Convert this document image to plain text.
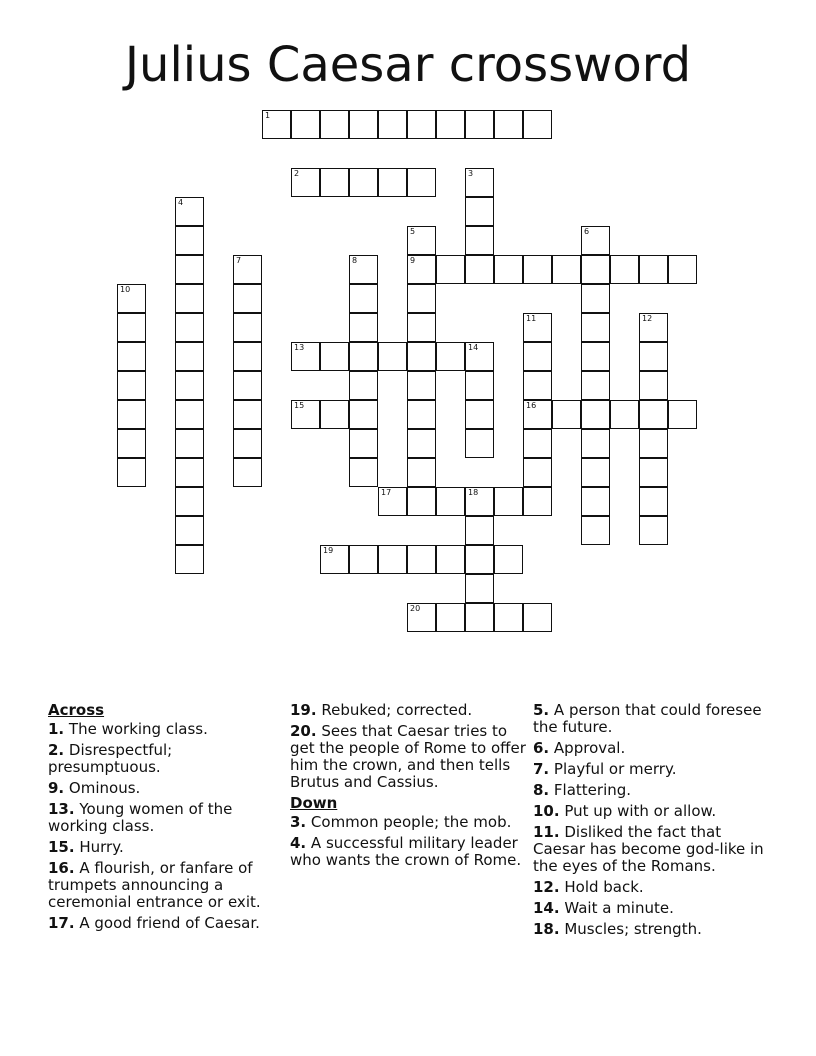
Julius Caesar crossword
1
2	3
4
5
9
6
7	8
10
11
16
12
13	14
15
17	18
19
20
Across
1. The working class.
2. Disrespectful; presumptuous.
9. Ominous.
13. Young women of the working class.
15. Hurry.
16. A flourish, or fanfare of trumpets announcing a ceremonial entrance or exit.
17. A good friend of Caesar.
19. Rebuked; corrected.
20. Sees that Caesar tries to get the people of Rome to offer him the crown, and then tells Brutus and Cassius.
Down
3. Common people; the mob.
4. A successful military leader who wants the crown of Rome.
5. A person that could foresee the future.
6. Approval.
7. Playful or merry.
8. Flattering.
10. Put up with or allow.
11. Disliked the fact that Caesar has become god-like in the eyes of the Romans.
12. Hold back.
14. Wait a minute.
18. Muscles; strength.
